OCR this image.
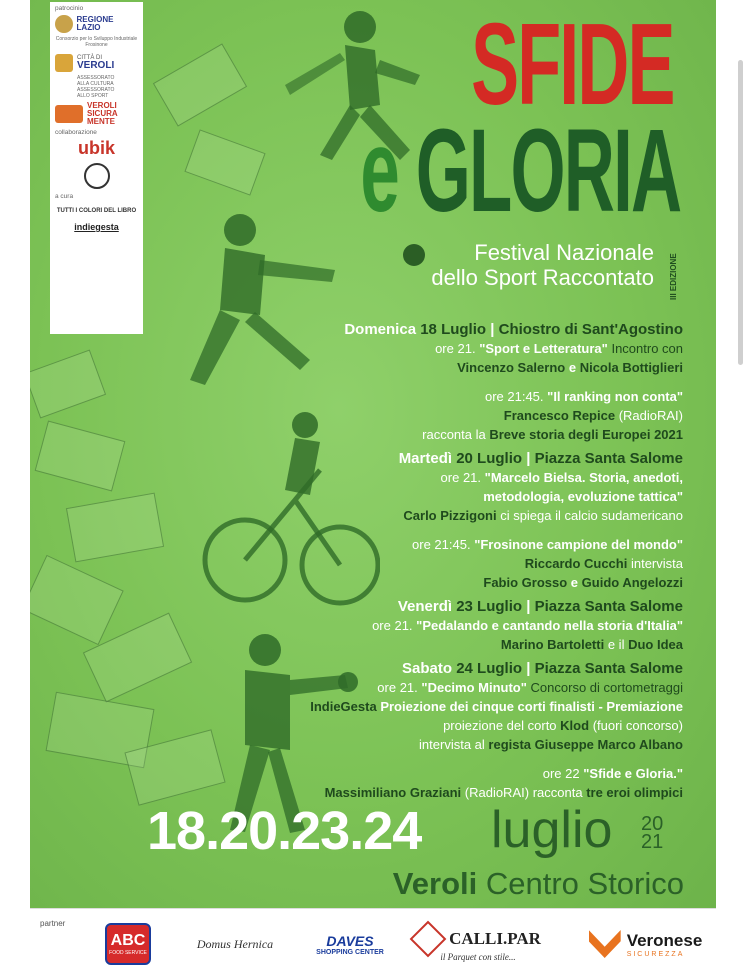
patrocinio
REGIONE LAZIO
Consorzio per lo Sviluppo Industriale Frosinone
CITTÀ DI
VEROLI
ASSESSORATO ALLA CULTURA ASSESSORATO ALLO SPORT
VEROLI SICURA MENTE
collaborazione
ubik
a cura
TUTTI I COLORI DEL LIBRO
indiegesta
SFIDE
e GLORIA
Festival Nazionale
dello Sport Raccontato III EDIZIONE
Domenica 18 Luglio | Chiostro di Sant'Agostino
ore 21. "Sport e Letteratura" Incontro con
Vincenzo Salerno e Nicola Bottiglieri
ore 21:45. "Il ranking non conta"
Francesco Repice (RadioRAI)
racconta la Breve storia degli Europei 2021
Martedì 20 Luglio | Piazza Santa Salome
ore 21. "Marcelo Bielsa. Storia, anedoti,
metodologia, evoluzione tattica"
Carlo Pizzigoni ci spiega il calcio sudamericano
ore 21:45. "Frosinone campione del mondo"
Riccardo Cucchi intervista
Fabio Grosso e Guido Angelozzi
Venerdì 23 Luglio | Piazza Santa Salome
ore 21. "Pedalando e cantando nella storia d'Italia"
Marino Bartoletti e il Duo Idea
Sabato 24 Luglio | Piazza Santa Salome
ore 21. "Decimo Minuto" Concorso di cortometraggi
IndieGesta Proiezione dei cinque corti finalisti - Premiazione
proiezione del corto Klod (fuori concorso)
intervista al regista Giuseppe Marco Albano
ore 22 "Sfide e Gloria."
Massimiliano Graziani (RadioRAI) racconta tre eroi olimpici
18.20.23.24 luglio 20
21
Veroli Centro Storico
partner
ABC
FOOD SERVICE
Domus Hernica	DAVES
SHOPPING CENTER
CALLI.PAR
il Parquet con stile...
Veronese
SICUREZZA
